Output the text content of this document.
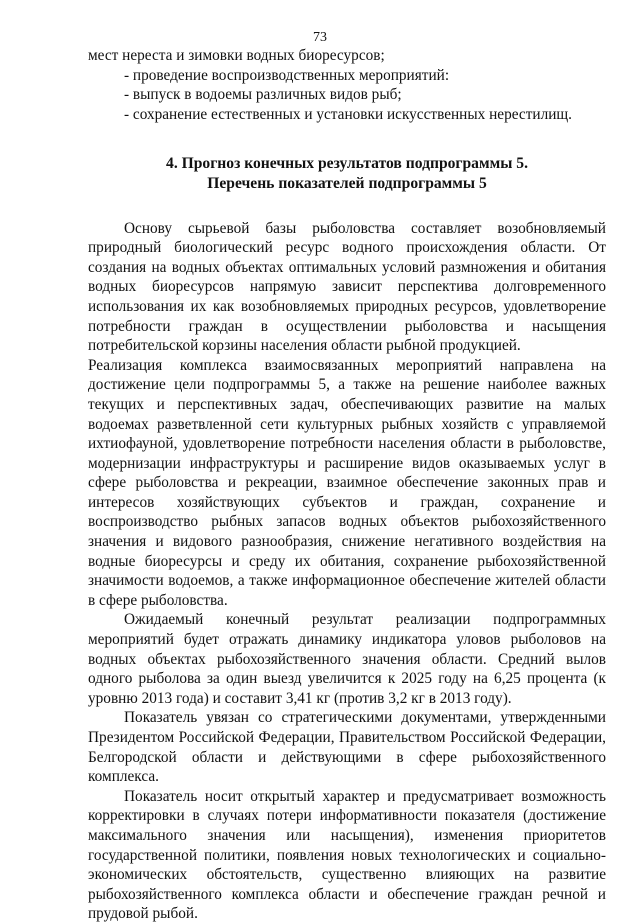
73

мест нереста и зимовки водных биоресурсов;

- проведение воспроизводственных мероприятий:

- выпуск в водоемы различных видов рыб;

- сохранение естественных и установки искусственных нерестилищ.

4. Прогноз конечных результатов подпрограммы 5.
Перечень показателей подпрограммы 5

Основу сырьевой базы рыболовства составляет возобновляемый природный биологический ресурс водного происхождения области. От создания на водных объектах оптимальных условий размножения и обитания водных биоресурсов напрямую зависит перспектива долговременного использования их как возобновляемых природных ресурсов, удовлетворение потребности граждан в осуществлении рыболовства и насыщения потребительской корзины населения области рыбной продукцией.

Реализация комплекса взаимосвязанных мероприятий направлена на достижение цели подпрограммы 5, а также на решение наиболее важных текущих и перспективных задач, обеспечивающих развитие на малых водоемах разветвленной сети культурных рыбных хозяйств с управляемой ихтиофауной, удовлетворение потребности населения области в рыболовстве, модернизации инфраструктуры и расширение видов оказываемых услуг в сфере рыболовства и рекреации, взаимное обеспечение законных прав и интересов хозяйствующих субъектов и граждан, сохранение и воспроизводство рыбных запасов водных объектов рыбохозяйственного значения и видового разнообразия, снижение негативного воздействия на водные биоресурсы и среду их обитания, сохранение рыбохозяйственной значимости водоемов, а также информационное обеспечение жителей области в сфере рыболовства.

Ожидаемый конечный результат реализации подпрограммных мероприятий будет отражать динамику индикатора уловов рыболовов на водных объектах рыбохозяйственного значения области. Средний вылов одного рыболова за один выезд увеличится к 2025 году на 6,25 процента (к уровню 2013 года) и составит 3,41 кг (против 3,2 кг в 2013 году).

Показатель увязан со стратегическими документами, утвержденными Президентом Российской Федерации, Правительством Российской Федерации, Белгородской области и действующими в сфере рыбохозяйственного комплекса.

Показатель носит открытый характер и предусматривает возможность корректировки в случаях потери информативности показателя (достижение максимального значения или насыщения), изменения приоритетов государственной политики, появления новых технологических и социально-экономических обстоятельств, существенно влияющих на развитие рыбохозяйственного комплекса области и обеспечение граждан речной и прудовой рыбой.
